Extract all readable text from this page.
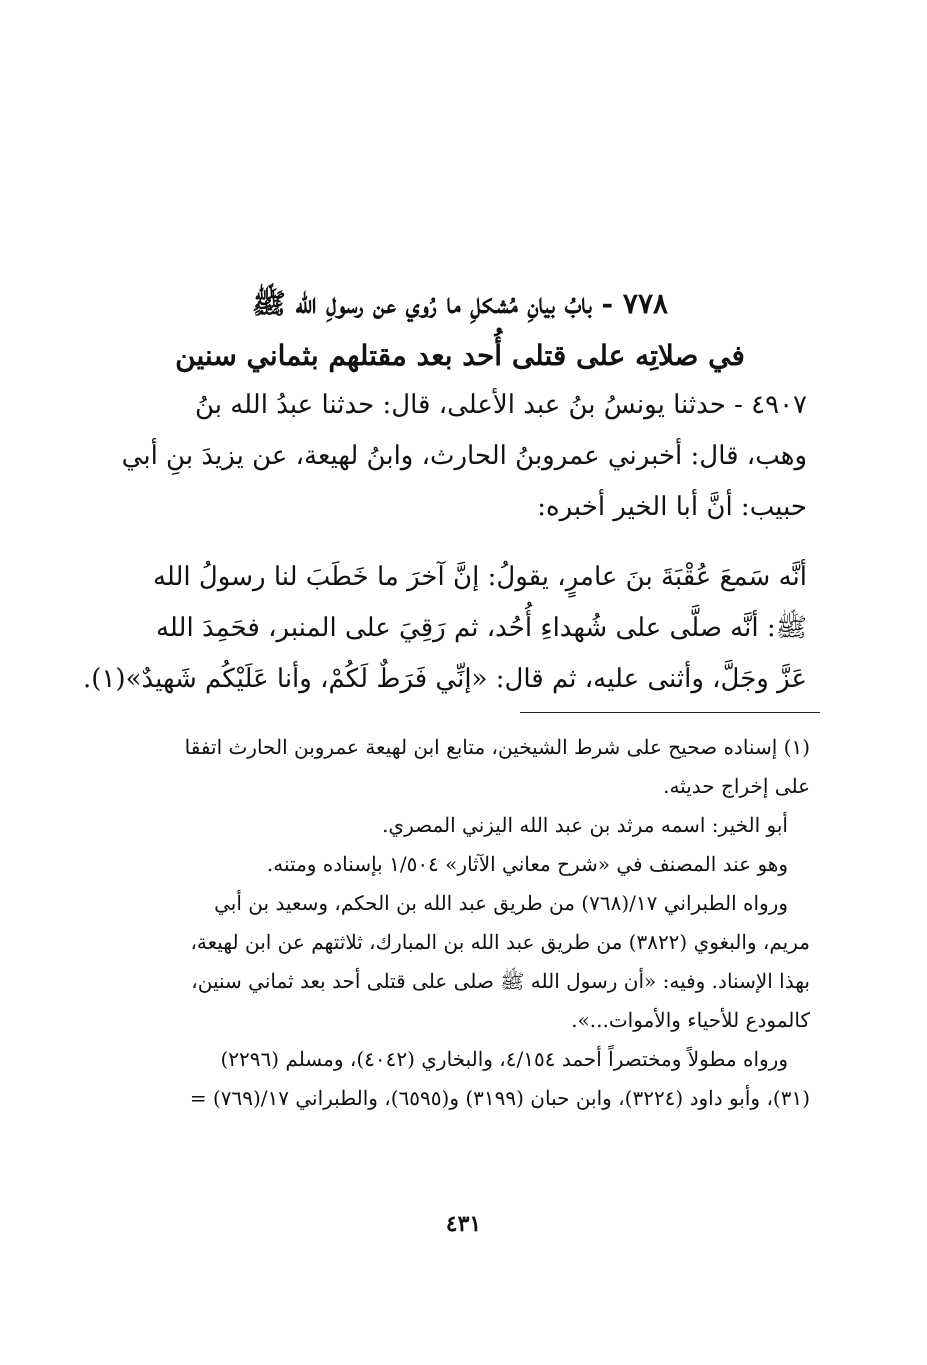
٧٧٨ - بابُ بيانِ مُشكلِ ما رُوي عن رسولِ الله ﷺ
في صلاتِه على قتلى أُحد بعد مقتلهم بثماني سنين
٤٩٠٧ - حدثنا يونسُ بنُ عبد الأعلى، قال: حدثنا عبدُ الله بنُ
وهب، قال: أخبرني عمروبنُ الحارث، وابنُ لهيعة، عن يزيدَ بنِ أبي
حبيب: أنَّ أبا الخير أخبره:
أنَّه سَمعَ عُقْبَةَ بنَ عامرٍ، يقولُ: إنَّ آخرَ ما خَطَبَ لنا رسولُ الله
ﷺ: أنَّه صلَّى على شُهداءِ أُحُد، ثم رَقِيَ على المنبر، فحَمِدَ الله
عَزَّ وجَلَّ، وأثنى عليه، ثم قال: «إنِّي فَرَطٌ لَكُمْ، وأنا عَلَيْكُم شَهيدٌ»(١).
(١) إسناده صحيح على شرط الشيخين، متابع ابن لهيعة عمروبن الحارث اتفقا
على إخراج حديثه.
أبو الخير: اسمه مرثد بن عبد الله اليزني المصري.
وهو عند المصنف في «شرح معاني الآثار» ١/٥٠٤ بإسناده ومتنه.
ورواه الطبراني ١٧/(٧٦٨) من طريق عبد الله بن الحكم، وسعيد بن أبي
مريم، والبغوي (٣٨٢٢) من طريق عبد الله بن المبارك، ثلاثتهم عن ابن لهيعة،
بهذا الإسناد. وفيه: «أن رسول الله ﷺ صلى على قتلى أحد بعد ثماني سنين،
كالمودع للأحياء والأموات...».
ورواه مطولاً ومختصراً أحمد ٤/١٥٤، والبخاري (٤٠٤٢)، ومسلم (٢٢٩٦)
(٣١)، وأبو داود (٣٢٢٤)، وابن حبان (٣١٩٩) و(٦٥٩٥)، والطبراني ١٧/(٧٦٩) =
٤٣١
